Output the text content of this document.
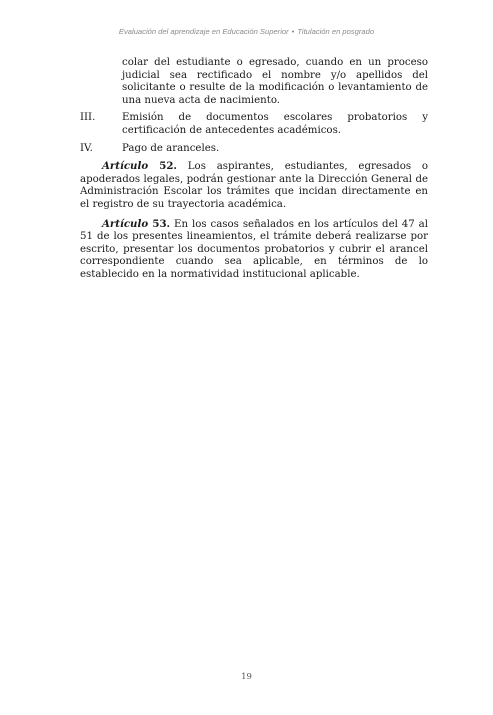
Evaluación del aprendizaje en Educación Superior • Titulación en posgrado

colar del estudiante o egresado, cuando en un proceso judicial sea rectificado el nombre y/o apellidos del solicitante o resulte de la modificación o levantamiento de una nueva acta de nacimiento.

III.	Emisión de documentos escolares probatorios y certificación de antecedentes académicos.

IV.	Pago de aranceles.

Artículo 52. Los aspirantes, estudiantes, egresados o apoderados legales, podrán gestionar ante la Dirección General de Administración Escolar los trámites que incidan directamente en el registro de su trayectoria académica.

Artículo 53. En los casos señalados en los artículos del 47 al 51 de los presentes lineamientos, el trámite deberá realizarse por escrito, presentar los documentos probatorios y cubrir el arancel correspondiente cuando sea aplicable, en términos de lo establecido en la normatividad institucional aplicable.

19
